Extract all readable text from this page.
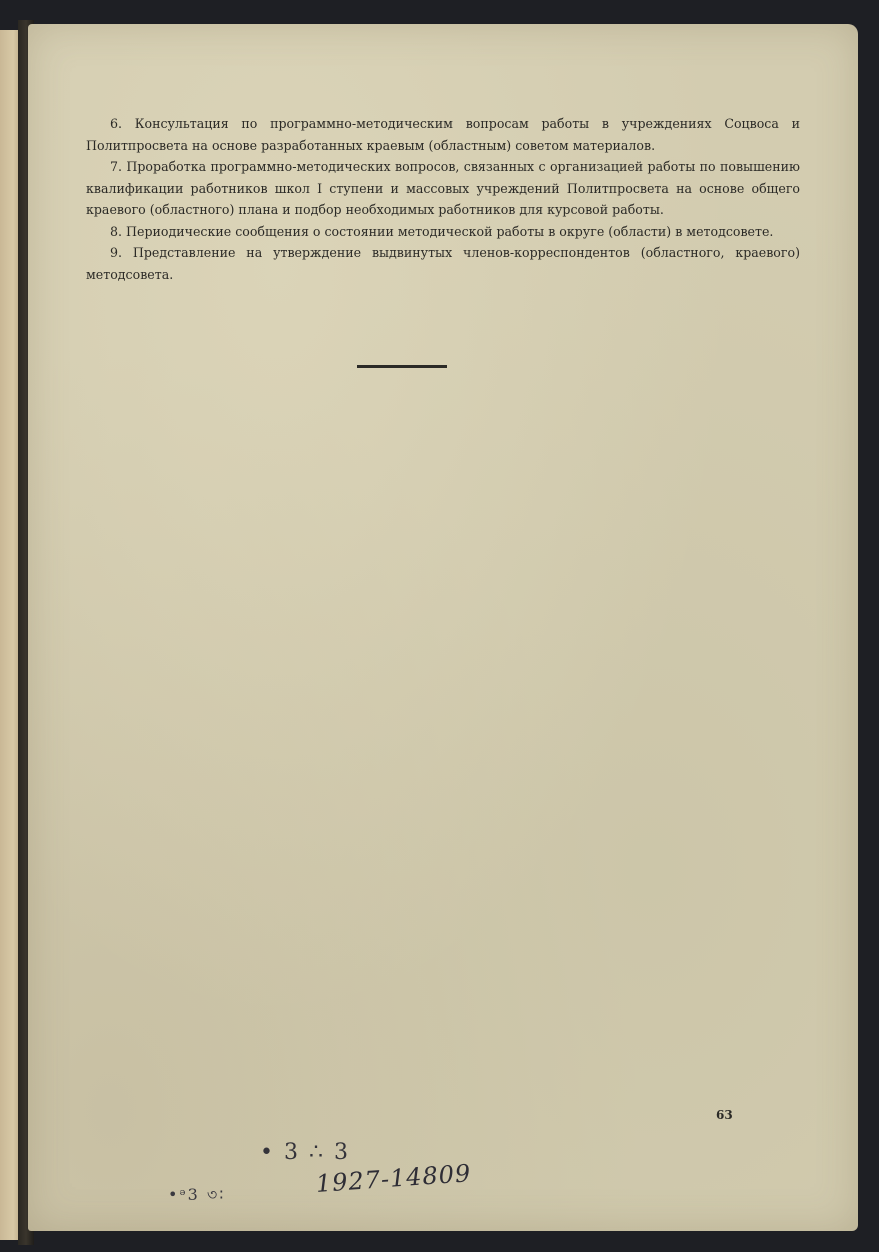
6. Консультация по программно-методическим вопросам работы в учреждениях Соцвоса и Политпросвета на основе разработанных краевым (областным) советом материалов.

7. Проработка программно-методических вопросов, связанных с организацией работы по повышению квалификации работников школ I ступени и массовых учреждений Политпросвета на основе общего краевого (областного) плана и подбор необходимых работников для курсовой работы.

8. Периодические сообщения о состоянии методической работы в округе (области) в методсовете.

9. Представление на утверждение выдвинутых членов-корреспондентов (областного, краевого) методсовета.

63
• 3 ∴ 3
•ᵊ3 ৩∶	1927-14809
